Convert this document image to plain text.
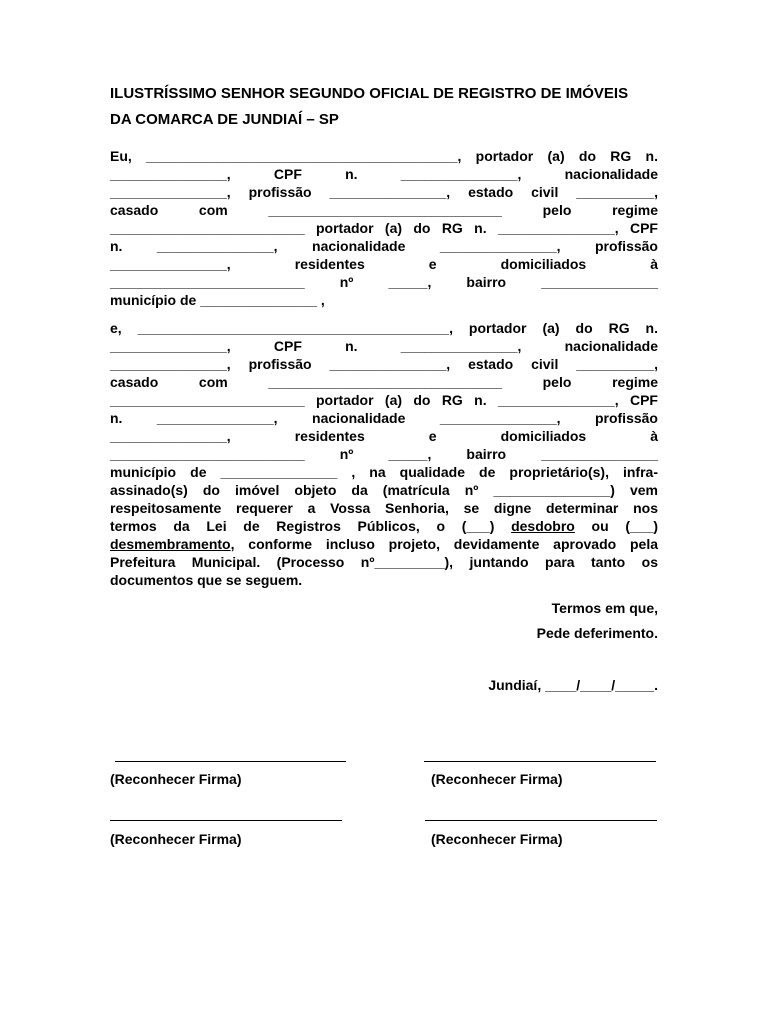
ILUSTRÍSSIMO SENHOR SEGUNDO OFICIAL DE REGISTRO DE IMÓVEIS
DA COMARCA DE JUNDIAÍ – SP
Eu, ________________________________________, portador (a) do RG n.
_______________, CPF n. _______________, nacionalidade
_______________, profissão _______________, estado civil __________,
casado com ______________________________ pelo regime
_________________________ portador (a) do RG n. _______________, CPF
n. _______________, nacionalidade _______________, profissão
_______________, residentes e domiciliados à
_________________________ nº _____, bairro _______________
município de _______________ ,
e, ________________________________________, portador (a) do RG n.
_______________, CPF n. _______________, nacionalidade
_______________, profissão _______________, estado civil __________,
casado com ______________________________ pelo regime
_________________________ portador (a) do RG n. _______________, CPF
n. _______________, nacionalidade _______________, profissão
_______________, residentes e domiciliados à
_________________________ nº _____, bairro _______________
município de _______________ , na qualidade de proprietário(s), infra-
assinado(s) do imóvel objeto da (matrícula nº _______________) vem
respeitosamente requerer a Vossa Senhoria, se digne determinar nos
termos da Lei de Registros Públicos, o (___) desdobro ou (___)
desmembramento, conforme incluso projeto, devidamente aprovado pela
Prefeitura Municipal. (Processo nº_________), juntando para tanto os
documentos que se seguem.
Termos em que,
Pede deferimento.
Jundiaí, ____/____/_____.
(Reconhecer Firma)	(Reconhecer Firma)
(Reconhecer Firma)	(Reconhecer Firma)
